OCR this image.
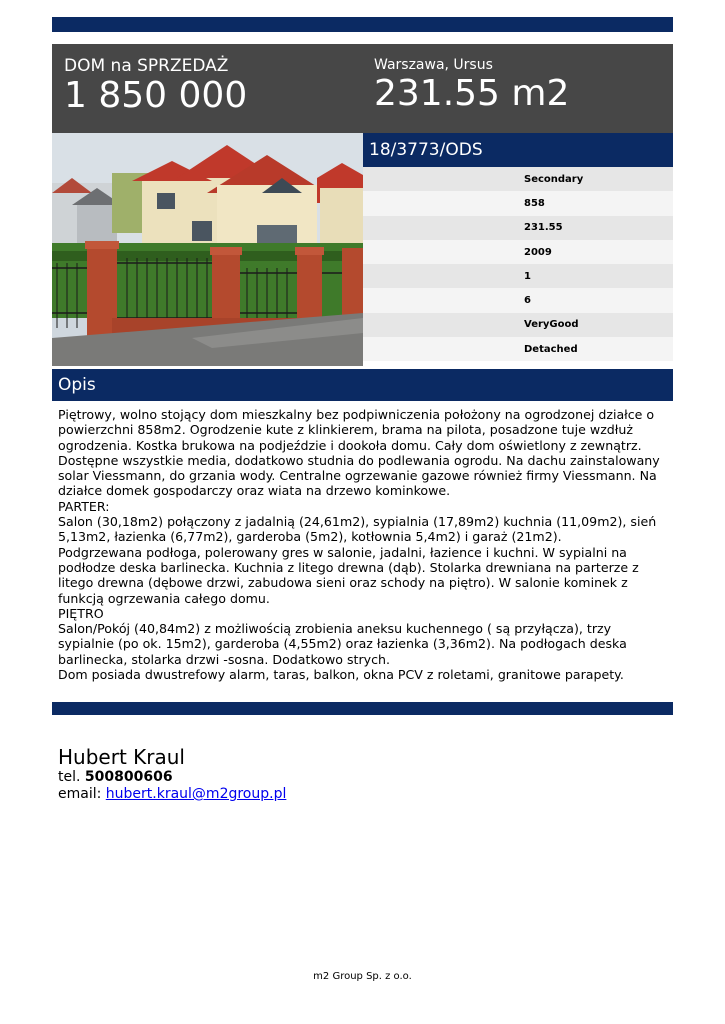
DOM na SPRZEDAŻ
1 850 000
Warszawa, Ursus
231.55 m2
18/3773/ODS
Secondary
858
231.55
2009
1
6
VeryGood
Detached
Opis

Piętrowy, wolno stojący dom mieszkalny bez podpiwniczenia położony na ogrodzonej działce o powierzchni 858m2. Ogrodzenie kute z klinkierem, brama na pilota, posadzone tuje wzdłuż ogrodzenia. Kostka brukowa na podjeździe i dookoła domu. Cały dom oświetlony z zewnątrz. Dostępne wszystkie media, dodatkowo studnia do podlewania ogrodu. Na dachu zainstalowany solar Viessmann, do grzania wody. Centralne ogrzewanie gazowe również firmy Viessmann. Na działce domek gospodarczy oraz wiata na drzewo kominkowe.

PARTER:

Salon (30,18m2) połączony z jadalnią (24,61m2), sypialnia (17,89m2) kuchnia (11,09m2), sień 5,13m2, łazienka (6,77m2), garderoba (5m2), kotłownia 5,4m2) i garaż (21m2).

Podgrzewana podłoga, polerowany gres w salonie, jadalni, łazience i kuchni. W sypialni na podłodze deska barlinecka. Kuchnia z litego drewna (dąb). Stolarka drewniana na parterze z litego drewna (dębowe drzwi, zabudowa sieni oraz schody na piętro). W salonie kominek z funkcją ogrzewania całego domu.

PIĘTRO

Salon/Pokój (40,84m2) z możliwością zrobienia aneksu kuchennego ( są przyłącza), trzy sypialnie (po ok. 15m2), garderoba (4,55m2) oraz łazienka (3,36m2). Na podłogach deska barlinecka, stolarka drzwi -sosna. Dodatkowo strych.

Dom posiada dwustrefowy alarm, taras, balkon, okna PCV z roletami, granitowe parapety.

Hubert Kraul
tel. 500800606
email: hubert.kraul@m2group.pl
m2 Group Sp. z o.o.
